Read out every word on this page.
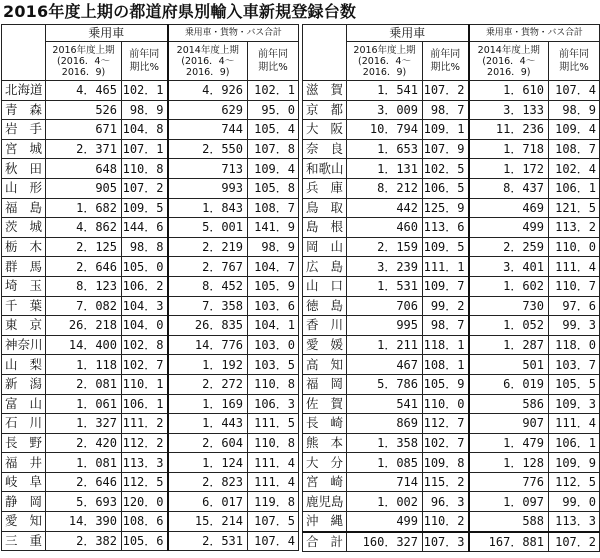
2016年度上期の都道府県別輸入車新規登録台数
	乗用車		乗用車・貨物・バス合計	

	2016年度上期
(2016．4～
2016．9)	前年同
期比%	2014年度上期
(2016．4～
2016．9)	前年同
期比%

北海道	4．465	102．1	4．926	102．1
青森	526	98．9	629	95．0
岩手	671	104．8	744	105．4
宮城	2．371	107．1	2．550	107．8
秋田	648	110．8	713	109．4
山形	905	107．2	993	105．8
福島	1．682	109．5	1．843	108．7
茨城	4．862	144．6	5．001	141．9
栃木	2．125	98．8	2．219	98．9
群馬	2．646	105．0	2．767	104．7
埼玉	8．123	106．2	8．452	105．9
千葉	7．082	104．3	7．358	103．6
東京	26．218	104．0	26．835	104．1
神奈川	14．400	102．8	14．776	103．0
山梨	1．118	102．7	1．192	103．5
新潟	2．081	110．1	2．272	110．8
富山	1．061	106．1	1．169	106．3
石川	1．327	111．2	1．443	111．5
長野	2．420	112．2	2．604	110．8
福井	1．081	113．3	1．124	111．4
岐阜	2．646	112．5	2．823	111．4
静岡	5．693	120．0	6．017	119．8
愛知	14．390	108．6	15．214	107．5
三重	2．382	105．6	2．531	107．4
	乗用車		乗用車・貨物・バス合計	

	2016年度上期
(2016．4～
2016．9)	前年同
期比%	2014年度上期
(2016．4～
2016．9)	前年同
期比%

滋賀	1．541	107．2	1．610	107．4
京都	3．009	98．7	3．133	98．9
大阪	10．794	109．1	11．236	109．4
奈良	1．653	107．9	1．718	108．7
和歌山	1．131	102．5	1．172	102．4
兵庫	8．212	106．5	8．437	106．1
鳥取	442	125．9	469	121．5
島根	460	113．6	499	113．2
岡山	2．159	109．5	2．259	110．0
広島	3．239	111．1	3．401	111．4
山口	1．531	109．7	1．602	110．7
徳島	706	99．2	730	97．6
香川	995	98．7	1．052	99．3
愛媛	1．211	118．1	1．287	118．0
高知	467	108．1	501	103．7
福岡	5．786	105．9	6．019	105．5
佐賀	541	110．0	586	109．3
長崎	869	112．7	907	111．4
熊本	1．358	102．7	1．479	106．1
大分	1．085	109．8	1．128	109．9
宮崎	714	115．2	776	112．5
鹿児島	1．002	96．3	1．097	99．0
沖縄	499	110．2	588	113．3
合計	160．327	107．3	167．881	107．2
